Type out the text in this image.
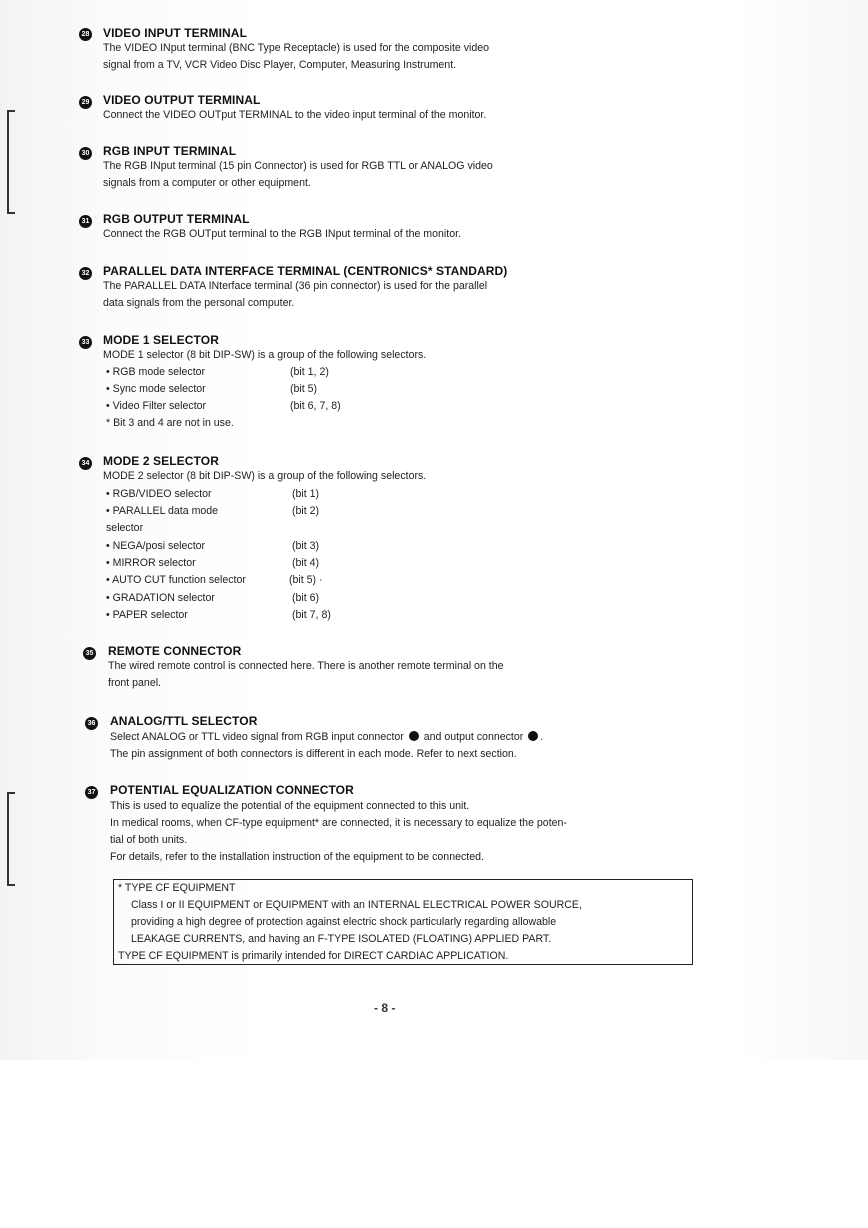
28 VIDEO INPUT TERMINAL
The VIDEO INput terminal (BNC Type Receptacle) is used for the composite video
signal from a TV, VCR Video Disc Player, Computer, Measuring Instrument.
29 VIDEO OUTPUT TERMINAL
Connect the VIDEO OUTput TERMINAL to the video input terminal of the monitor.
30 RGB INPUT TERMINAL
The RGB INput terminal (15 pin Connector) is used for RGB TTL or ANALOG video
signals from a computer or other equipment.
31 RGB OUTPUT TERMINAL
Connect the RGB OUTput terminal to the RGB INput terminal of the monitor.
32 PARALLEL DATA INTERFACE TERMINAL (CENTRONICS* STANDARD)
The PARALLEL DATA INterface terminal (36 pin connector) is used for the parallel
data signals from the personal computer.
33 MODE 1 SELECTOR
MODE 1 selector (8 bit DIP-SW) is a group of the following selectors.
• RGB mode selector	(bit 1, 2)
• Sync mode selector	(bit 5)
• Video Filter selector	(bit 6, 7, 8)
* Bit 3 and 4 are not in use.
34 MODE 2 SELECTOR
MODE 2 selector (8 bit DIP-SW) is a group of the following selectors.
• RGB/VIDEO selector	(bit 1)
• PARALLEL data mode	(bit 2)
selector
• NEGA/posi selector	(bit 3)
• MIRROR selector	(bit 4)
• AUTO CUT function selector	(bit 5) ·
• GRADATION selector	(bit 6)
• PAPER selector	(bit 7, 8)
35 REMOTE CONNECTOR
The wired remote control is connected here. There is another remote terminal on the
front panel.
36 ANALOG/TTL SELECTOR
Select ANALOG or TTL video signal from RGB input connector and output connector .
The pin assignment of both connectors is different in each mode. Refer to next section.
37 POTENTIAL EQUALIZATION CONNECTOR
This is used to equalize the potential of the equipment connected to this unit.
In medical rooms, when CF-type equipment* are connected, it is necessary to equalize the poten-
tial of both units.
For details, refer to the installation instruction of the equipment to be connected.
* TYPE CF EQUIPMENT
Class I or II EQUIPMENT or EQUIPMENT with an INTERNAL ELECTRICAL POWER SOURCE,
providing a high degree of protection against electric shock particularly regarding allowable
LEAKAGE CURRENTS, and having an F-TYPE ISOLATED (FLOATING) APPLIED PART.
TYPE CF EQUIPMENT is primarily intended for DIRECT CARDIAC APPLICATION.
- 8 -
